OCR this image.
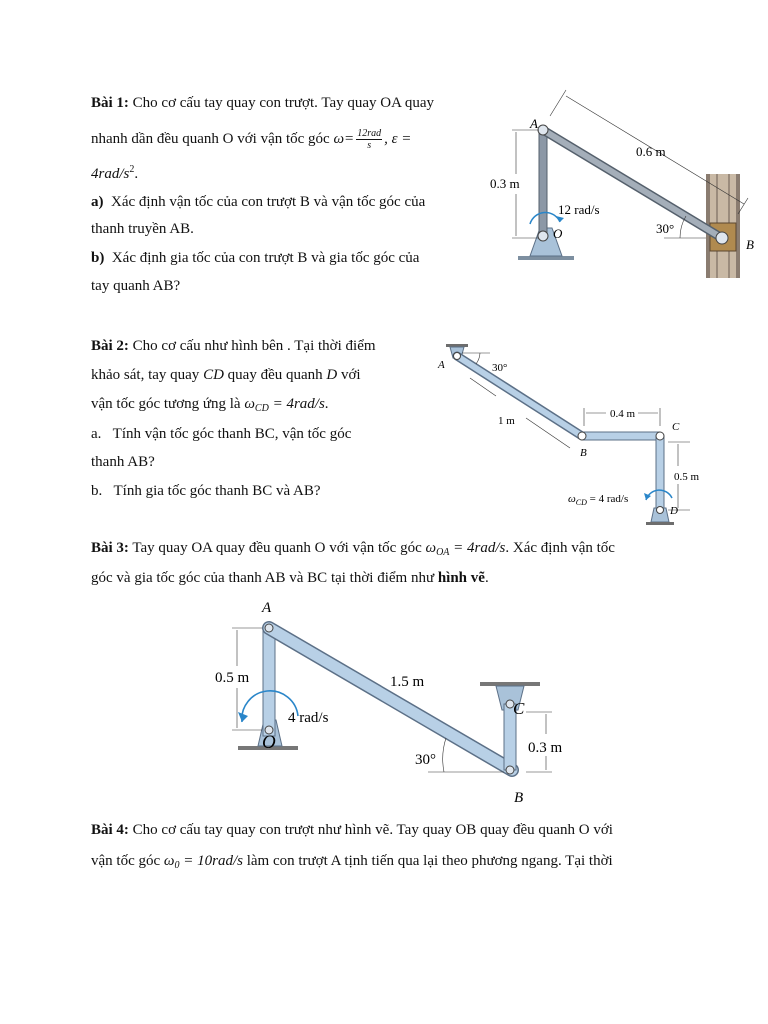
Bài 1: Cho cơ cấu tay quay con trượt. Tay quay OA quay
nhanh dần đều quanh O với vận tốc góc $\omega= \frac{\text{12rad}}{s}$ , ε =
$4rad/s^2$.
a) Xác định vận tốc của con trượt B và vận tốc góc của
thanh truyền AB.
b) Xác định gia tốc của con trượt B và gia tốc góc của
tay quanh AB?
A
O
B
0.3 m
0.6 m
12 rad/s
30°
Bài 2: Cho cơ cấu như hình bên . Tại thời điểm
khảo sát, tay quay CD quay đều quanh D với
vận tốc góc tương ứng là $\omega_{CD} = 4rad/s$.
a. Tính vận tốc góc thanh BC, vận tốc góc
thanh AB?
b. Tính gia tốc góc thanh BC và AB?
A
B
C
D
30°
1 m
0.4 m
0.5 m
$\omega_{CD} = 4$ rad/s
Bài 3: Tay quay OA quay đều quanh O với vận tốc góc $\omega_{OA} = 4rad/s$. Xác định vận tốc
góc và gia tốc góc của thanh AB và BC tại thời điểm như hình vẽ.
A
O
C
B
0.5 m	1.5 m
4 rad/s
30°
0.3 m
Bài 4: Cho cơ cấu tay quay con trượt như hình vẽ. Tay quay OB quay đều quanh O với
vận tốc góc $\omega_0 = 10rad/s$ làm con trượt A tịnh tiến qua lại theo phương ngang. Tại thời
